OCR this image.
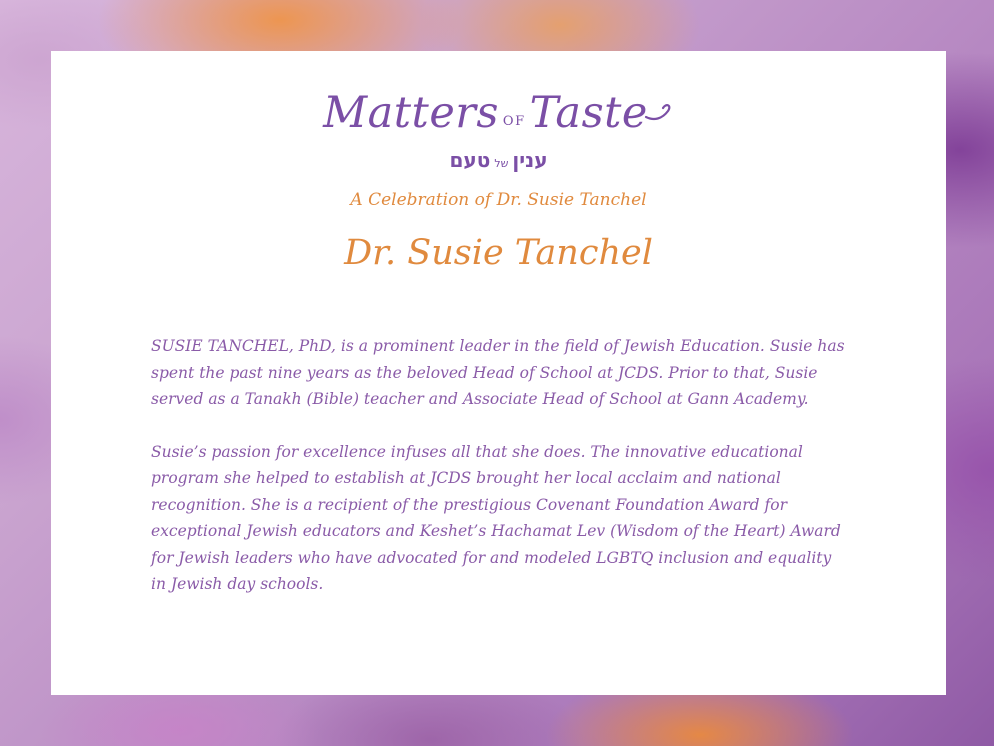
Matters OFTaste
עניןשלטעם
A Celebration of Dr. Susie Tanchel
Dr. Susie Tanchel

SUSIE TANCHEL, PhD, is a prominent leader in the field of Jewish Education. Susie has spent the past nine years as the beloved Head of School at JCDS. Prior to that, Susie served as a Tanakh (Bible) teacher and Associate Head of School at Gann Academy.

Susie’s passion for excellence infuses all that she does. The innovative educational program she helped to establish at JCDS brought her local acclaim and national recognition. She is a recipient of the prestigious Covenant Foundation Award for exceptional Jewish educators and Keshet’s Hachamat Lev (Wisdom of the Heart) Award for Jewish leaders who have advocated for and modeled LGBTQ inclusion and equality in Jewish day schools.
